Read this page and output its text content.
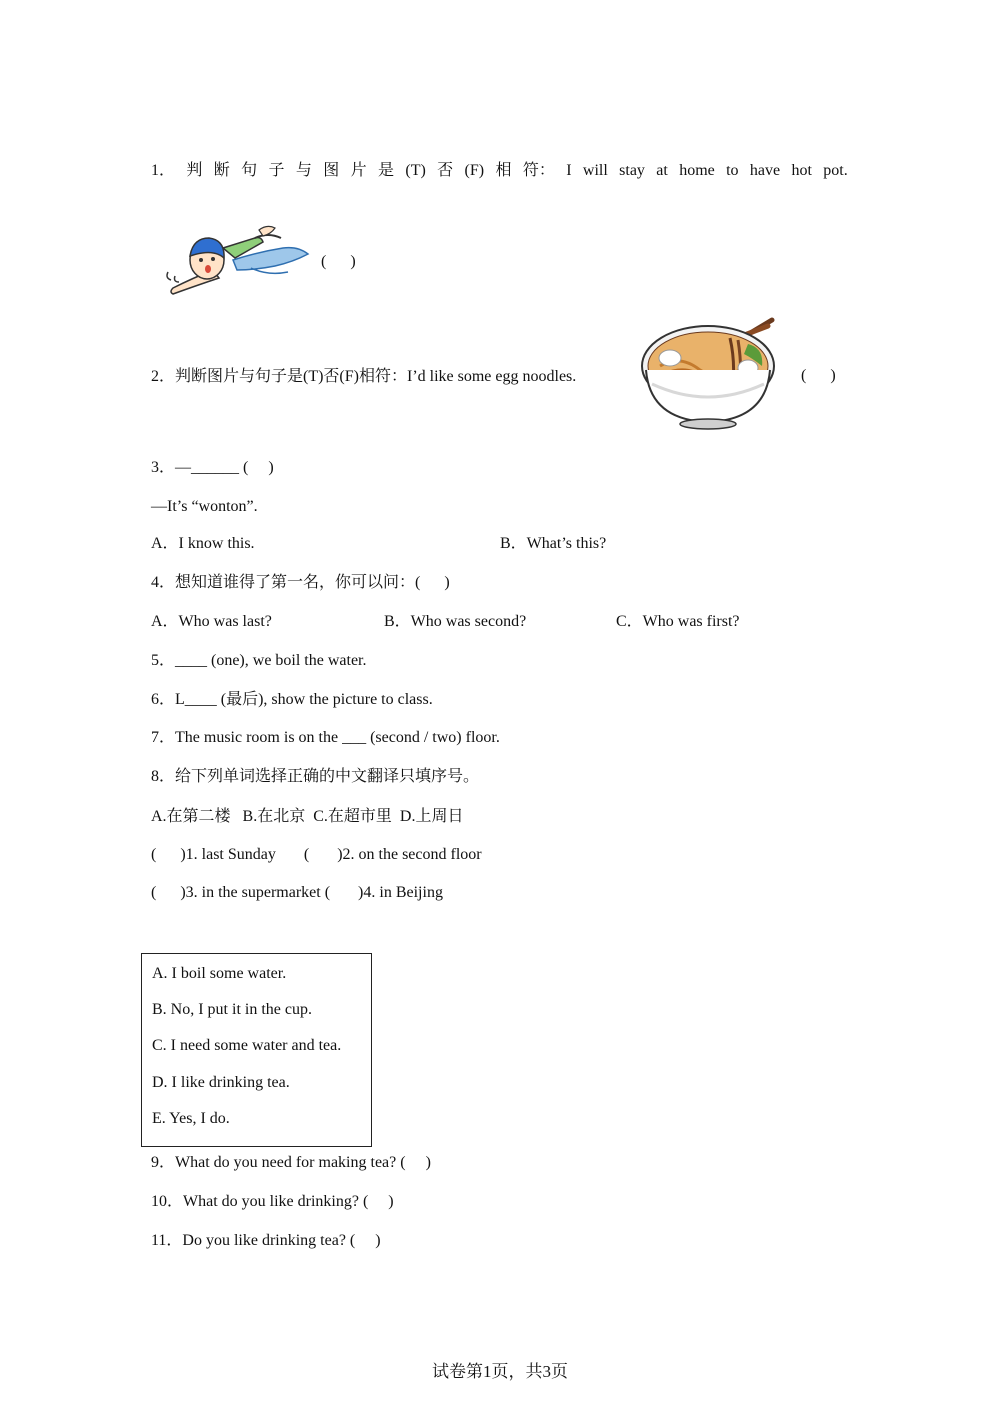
1． 判 断 句 子 与 图 片 是 (T) 否 (F) 相 符： I will stay at home to have hot pot.
(      )
2．判断图片与句子是(T)否(F)相符：I’d like some egg noodles.	(      )
3．—______ (     )
—It’s “wonton”.
A．I know this.	B．What’s this?
4．想知道谁得了第一名，你可以问：(      )
A．Who was last?	B．Who was second?	C．Who was first?
5．____ (one), we boil the water.
6．L____ (最后), show the picture to class.
7．The music room is on the ___ (second / two) floor.
8．给下列单词选择正确的中文翻译只填序号。
A.在第二楼   B.在北京  C.在超市里  D.上周日
(      )1. last Sunday       (       )2. on the second floor
(      )3. in the supermarket (       )4. in Beijing
A. I boil some water.
B. No, I put it in the cup.
C. I need some water and tea.
D. I like drinking tea.
E. Yes, I do.
9．What do you need for making tea? (     )
10．What do you like drinking? (     )
11．Do you like drinking tea? (     )
试卷第1页，共3页
